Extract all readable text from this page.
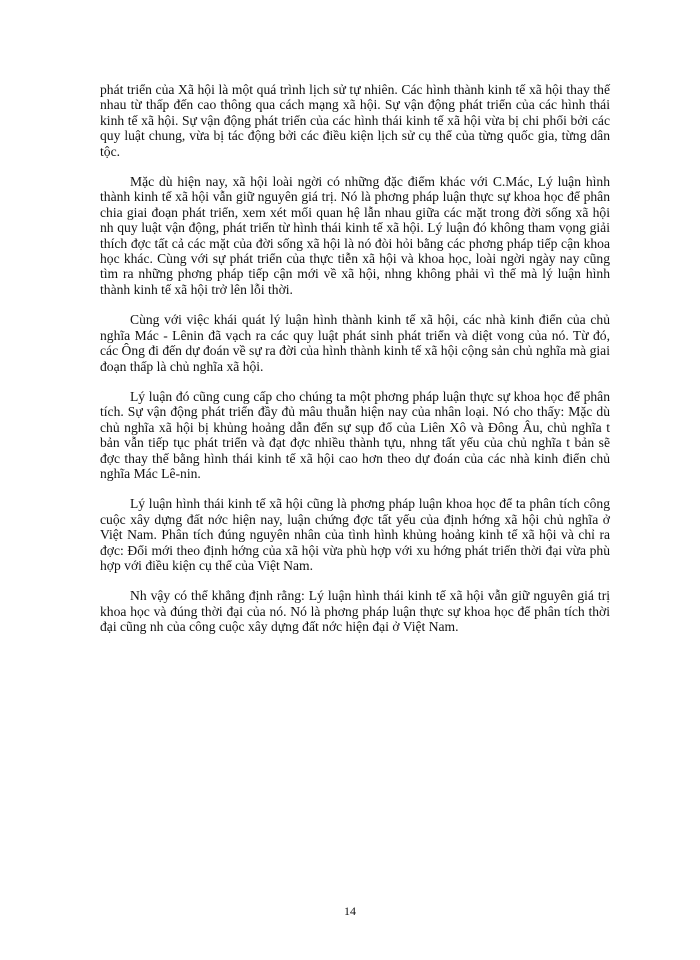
phát triển của Xã hội là một quá trình lịch sử tự nhiên. Các hình thành kinh tế xã hội thay thế nhau từ thấp đến cao thông qua cách mạng xã hội. Sự vận động phát triển của các hình thái kinh tế xã hội. Sự vận động phát triển của các hình thái kinh tế xã hội vừa bị chi phối bởi các quy luật chung, vừa bị tác động bởi các điều kiện lịch sử cụ thể của từng quốc gia, từng dân tộc.

Mặc dù hiện nay, xã hội loài ngời có những đặc điểm khác với C.Mác, Lý luận hình thành kinh tế xã hội vẫn giữ nguyên giá trị. Nó là phơng pháp luận thực sự khoa học để phân chia giai đoạn phát triển, xem xét mối quan hệ lẫn nhau giữa các mặt trong đời sống xã hội nh quy luật vận động, phát triển từ hình thái kinh tế xã hội. Lý luận đó không tham vọng giải thích đợc tất cả các mặt của đời sống xã hội là nó đòi hỏi bằng các phơng pháp tiếp cận khoa học khác. Cùng với sự phát triển của thực tiễn xã hội và khoa học, loài ngời ngày nay cũng tìm ra những phơng pháp tiếp cận mới về xã hội, nhng không phải vì thế mà lý luận hình thành kinh tế xã hội trở lên lỗi thời.

Cùng với việc khái quát lý luận hình thành kinh tế xã hội, các nhà kinh điển của chủ nghĩa Mác - Lênin đã vạch ra các quy luật phát sinh phát triển và diệt vong của nó. Từ đó, các Ông đi đến dự đoán về sự ra đời của hình thành kinh tế xã hội cộng sản chủ nghĩa mà giai đoạn thấp là chủ nghĩa xã hội.

Lý luận đó cũng cung cấp cho chúng ta một phơng pháp luận thực sự khoa học để phân tích. Sự vận động phát triển đầy đủ mâu thuẫn hiện nay của nhân loại. Nó cho thấy: Mặc dù chủ nghĩa xã hội bị khủng hoảng dẫn đến sự sụp đổ của Liên Xô và Đông Âu, chủ nghĩa t bản vẫn tiếp tục phát triển và đạt đợc nhiều thành tựu, nhng tất yếu của chủ nghĩa t bản sẽ đợc thay thế bằng hình thái kinh tế xã hội cao hơn theo dự đoán của các nhà kinh điển chủ nghĩa Mác Lê-nin.

Lý luận hình thái kinh tế xã hội cũng là phơng pháp luận khoa học để ta phân tích công cuộc xây dựng đất nớc hiện nay, luận chứng đợc tất yếu của định hớng xã hội chủ nghĩa ở Việt Nam. Phân tích đúng nguyên nhân của tình hình khủng hoảng kinh tế xã hội và chỉ ra đợc: Đổi mới theo định hớng của xã hội vừa phù hợp với xu hớng phát triển thời đại vừa phù hợp với điều kiện cụ thể của Việt Nam.

Nh vậy có thể khẳng định rằng: Lý luận hình thái kinh tế xã hội vẫn giữ nguyên giá trị khoa học và đúng thời đại của nó. Nó là phơng pháp luận thực sự khoa học để phân tích thời đại cũng nh của công cuộc xây dựng đất nớc hiện đại ở Việt Nam.

14
